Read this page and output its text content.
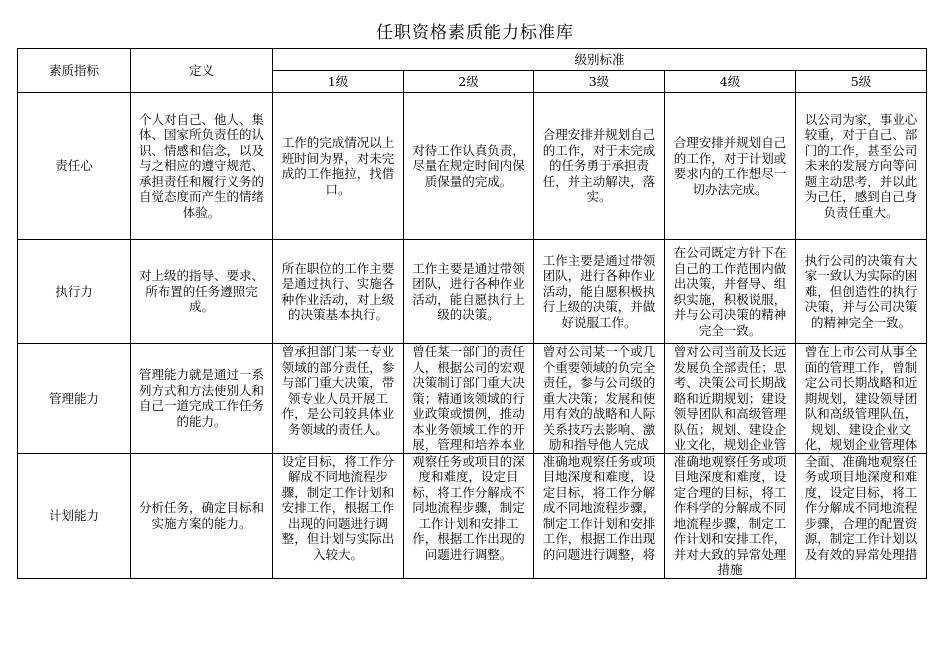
任职资格素质能力标准库
素质指标	定义	级别标准				
		1级	2级	3级	4级	5级
责任心	个人对自己、他人、集体、国家所负责任的认识、情感和信念，以及与之相应的遵守规范、承担责任和履行义务的自觉态度而产生的情绪体验。	工作的完成情况以上班时间为界，对未完成的工作拖拉，找借口。	对待工作认真负责，尽量在规定时间内保质保量的完成。	合理安排并规划自己的工作，对于未完成的任务勇于承担责任，并主动解决，落实。	合理安排并规划自己的工作，对于计划或要求内的工作想尽一切办法完成。	以公司为家，事业心较重，对于自己、部门的工作，甚至公司未来的发展方向等问题主动思考，并以此为己任，感到自己身负责任重大。
执行力	对上级的指导、要求、所布置的任务遵照完成。	所在职位的工作主要是通过执行、实施各种作业活动，对上级的决策基本执行。	工作主要是通过带领团队，进行各种作业活动，能自愿执行上级的决策。	工作主要是通过带领团队，进行各种作业活动，能自愿积极执行上级的决策，并做好说服工作。	在公司既定方针下在自己的工作范围内做出决策，并督导、组织实施，积极说服，并与公司决策的精神完全一致。	执行公司的决策有大家一致认为实际的困难，但创造性的执行决策，并与公司决策的精神完全一致。
管理能力	管理能力就是通过一系列方式和方法使别人和自己一道完成工作任务的能力。	曾承担部门某一专业领域的部分责任，参与部门重大决策，带领专业人员开展工作，是公司较具体业务领域的责任人。	曾任某一部门的责任人，根据公司的宏观决策制订部门重大决策；精通该领域的行业政策或惯例，推动本业务领域工作的开展，管理和培养本业	曾对公司某一个或几个重要领域的负完全责任，参与公司级的重大决策；发展和使用有效的战略和人际关系技巧去影响、激励和指导他人完成	曾对公司当前及长远发展负全部责任；思考、决策公司长期战略和近期规划；建设领导团队和高级管理队伍；规划、建设企业文化，规划企业管	曾在上市公司从事全面的管理工作，曾制定公司长期战略和近期规划，建设领导团队和高级管理队伍，规划、建设企业文化，规划企业管理体
计划能力	分析任务，确定目标和实施方案的能力。	设定目标，将工作分解成不同地流程步骤，制定工作计划和安排工作，根据工作出现的问题进行调整，但计划与实际出入较大。	观察任务或项目的深度和难度，设定目标，将工作分解成不同地流程步骤，制定工作计划和安排工作，根据工作出现的问题进行调整。	准确地观察任务或项目地深度和难度，设定目标，将工作分解成不同地流程步骤，制定工作计划和安排工作，根据工作出现的问题进行调整，将	准确地观察任务或项目地深度和难度，设定合理的目标，将工作科学的分解成不同地流程步骤，制定工作计划和安排工作，并对大致的异常处理措施	全面、准确地观察任务或项目地深度和难度，设定目标，将工作分解成不同地流程步骤，合理的配置资源，制定工作计划以及有效的异常处理措
